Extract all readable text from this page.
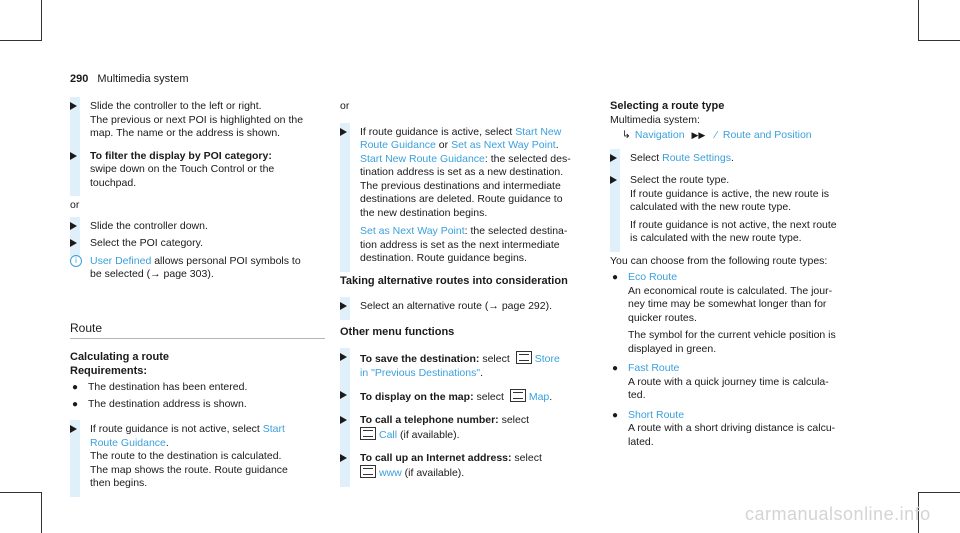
290 Multimedia system
Slide the controller to the left or right.
The previous or next POI is highlighted on the
map. The name or the address is shown.
To filter the display by POI category:
swipe down on the Touch Control or the
touchpad.
or
Slide the controller down.
Select the POI category.
i	User Defined allows personal POI symbols to
be selected (→ page 303).
Route
Calculating a route
Requirements:
● The destination has been entered.
● The destination address is shown.
If route guidance is not active, select Start
Route Guidance.
The route to the destination is calculated.
The map shows the route. Route guidance
then begins.
or
If route guidance is active, select Start New
Route Guidance or Set as Next Way Point.
Start New Route Guidance: the selected des-
tination address is set as a new destination.
The previous destinations and intermediate
destinations are deleted. Route guidance to
the new destination begins.
Set as Next Way Point: the selected destina-
tion address is set as the next intermediate
destination. Route guidance begins.
Taking alternative routes into consideration
Select an alternative route (→ page 292).
Other menu functions
To save the destination: select Store
in "Previous Destinations".
To display on the map: select Map.
To call a telephone number: select
Call (if available).
To call up an Internet address: select
www (if available).
Selecting a route type
Multimedia system:
↳ Navigation ▶▶ ⁄ Route and Position
Select Route Settings.
Select the route type.
If route guidance is active, the new route is
calculated with the new route type.
If route guidance is not active, the next route
is calculated with the new route type.
You can choose from the following route types:
● Eco Route
An economical route is calculated. The jour-
ney time may be somewhat longer than for
quicker routes.
The symbol for the current vehicle position is
displayed in green.
● Fast Route
A route with a quick journey time is calcula-
ted.
● Short Route
A route with a short driving distance is calcu-
lated.
carmanualsonline.info
